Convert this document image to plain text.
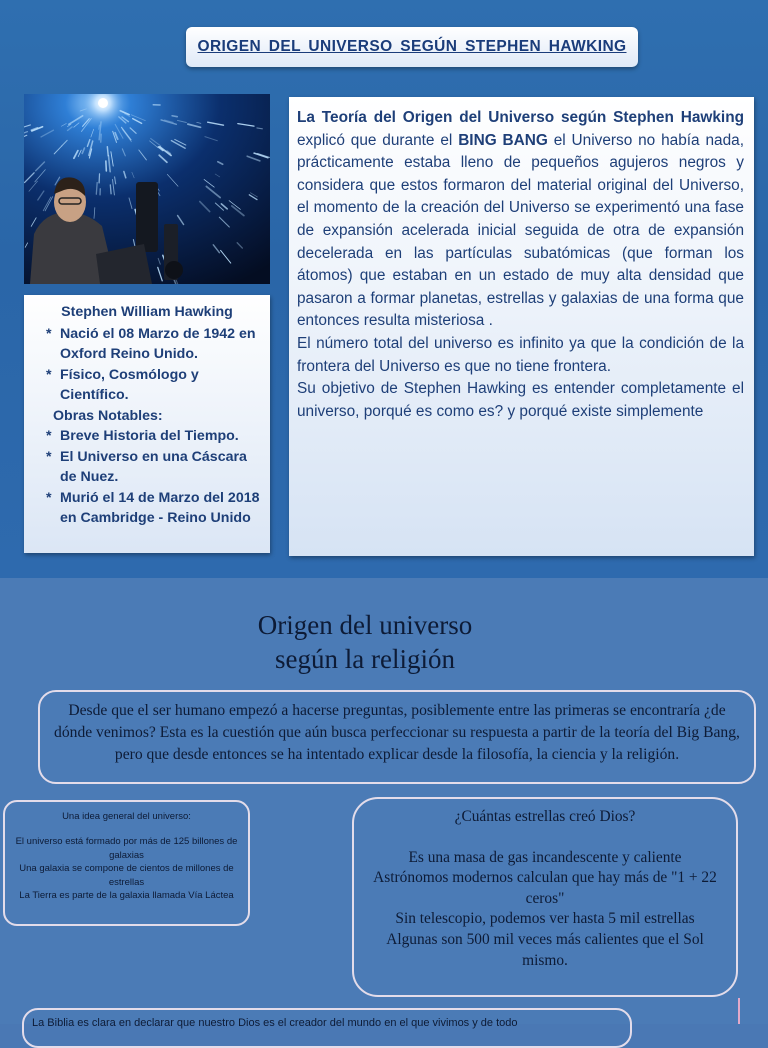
ORIGEN DEL UNIVERSO SEGÚN STEPHEN HAWKING
Stephen William Hawking
* Nació el 08 Marzo de 1942 en Oxford Reino Unido.
* Físico, Cosmólogo y Científico.
Obras Notables:
* Breve Historia del Tiempo.
* El Universo en una Cáscara de Nuez.
* Murió el 14 de Marzo del 2018 en Cambridge - Reino Unido

La Teoría del Origen del Universo según Stephen Hawking explicó que durante el BING BANG el Universo no había nada, prácticamente estaba lleno de pequeños agujeros negros y considera que estos formaron del material original del Universo, el momento de la creación del Universo se experimentó una fase de expansión acelerada inicial seguida de otra de expansión decelerada en las partículas subatómicas (que forman los átomos) que estaban en un estado de muy alta densidad que pasaron a formar planetas, estrellas y galaxias de una forma que entonces resulta misteriosa .

El número total del universo es infinito ya que la condición de la frontera del Universo es que no tiene frontera.

Su objetivo de Stephen Hawking es entender completamente el universo, porqué es como es? y porqué existe simplemente

Origen del universo
según la religión
Desde que el ser humano empezó a hacerse preguntas, posiblemente entre las primeras se encontraría ¿de dónde venimos? Esta es la cuestión que aún busca perfeccionar su respuesta a partir de la teoría del Big Bang, pero que desde entonces se ha intentado explicar desde la filosofía, la ciencia y la religión.
Una idea general del universo:
El universo está formado por más de 125 billones de galaxias
Una galaxia se compone de cientos de millones de estrellas
La Tierra es parte de la galaxia llamada Vía Láctea
¿Cuántas estrellas creó Dios?
Es una masa de gas incandescente y caliente
Astrónomos modernos calculan que hay más de "1 + 22 ceros"
Sin telescopio, podemos ver hasta 5 mil estrellas
Algunas son 500 mil veces más calientes que el Sol mismo.
La Biblia es clara en declarar que nuestro Dios es el creador del mundo en el que vivimos y de todo
